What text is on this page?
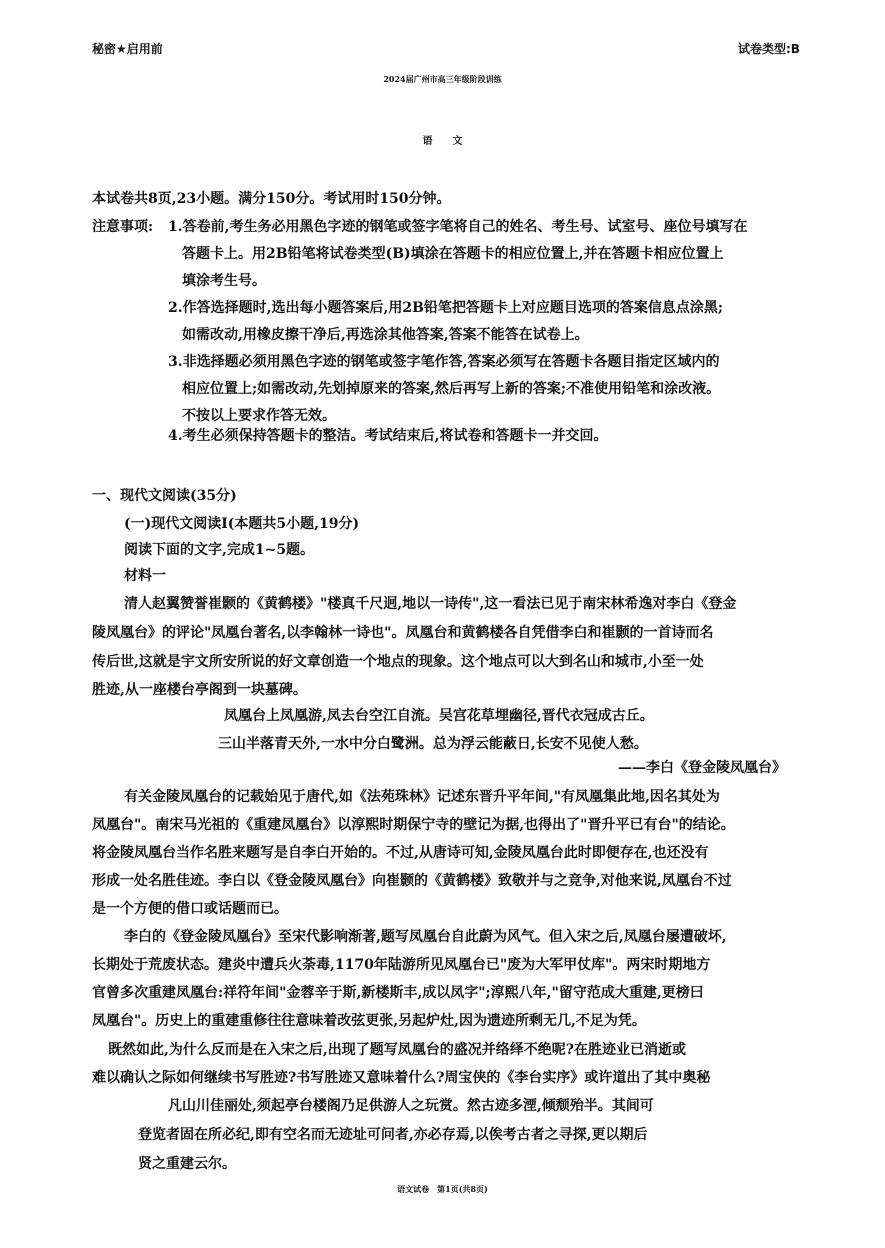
秘密★启用前	试卷类型:B
2024届广州市高三年级阶段训练
语　　文
本试卷共8页,23小题。满分150分。考试用时150分钟。
注意事项: 1.答卷前,考生务必用黑色字迹的钢笔或签字笔将自己的姓名、考生号、试室号、座位号填写在
答题卡上。用2B铅笔将试卷类型(B)填涂在答题卡的相应位置上,并在答题卡相应位置上
填涂考生号。
2.作答选择题时,选出每小题答案后,用2B铅笔把答题卡上对应题目选项的答案信息点涂黑;
如需改动,用橡皮擦干净后,再选涂其他答案,答案不能答在试卷上。
3.非选择题必须用黑色字迹的钢笔或签字笔作答,答案必须写在答题卡各题目指定区域内的
相应位置上;如需改动,先划掉原来的答案,然后再写上新的答案;不准使用铅笔和涂改液。
不按以上要求作答无效。
4.考生必须保持答题卡的整洁。考试结束后,将试卷和答题卡一并交回。
一、现代文阅读(35分)
(一)现代文阅读Ⅰ(本题共5小题,19分)
阅读下面的文字,完成1~5题。
材料一
清人赵翼赞誉崔颢的《黄鹤楼》"楼真千尺迥,地以一诗传",这一看法已见于南宋林希逸对李白《登金
陵凤凰台》的评论"凤凰台著名,以李翰林一诗也"。凤凰台和黄鹤楼各自凭借李白和崔颢的一首诗而名
传后世,这就是宇文所安所说的好文章创造一个地点的现象。这个地点可以大到名山和城市,小至一处
胜迹,从一座楼台亭阁到一块墓碑。
凤凰台上凤凰游,凤去台空江自流。吴宫花草埋幽径,晋代衣冠成古丘。
三山半落青天外,一水中分白鹭洲。总为浮云能蔽日,长安不见使人愁。
——李白《登金陵凤凰台》
有关金陵凤凰台的记载始见于唐代,如《法苑珠林》记述东晋升平年间,"有凤凰集此地,因名其处为
凤凰台"。南宋马光祖的《重建凤凰台》以淳熙时期保宁寺的壁记为据,也得出了"晋升平已有台"的结论。
将金陵凤凰台当作名胜来题写是自李白开始的。不过,从唐诗可知,金陵凤凰台此时即便存在,也还没有
形成一处名胜佳迹。李白以《登金陵凤凰台》向崔颢的《黄鹤楼》致敬并与之竞争,对他来说,凤凰台不过
是一个方便的借口或话题而已。
李白的《登金陵凤凰台》至宋代影响渐著,题写凤凰台自此蔚为风气。但入宋之后,凤凰台屡遭破坏,
长期处于荒废状态。建炎中遭兵火荼毒,1170年陆游所见凤凰台已"废为大军甲仗库"。两宋时期地方
官曾多次重建凤凰台:祥符年间"金蓉辛于斯,新楼斯丰,成以凤字";淳熙八年,"留守范成大重建,更榜曰
凤凰台"。历史上的重建重修往往意味着改弦更张,另起炉灶,因为遗迹所剩无几,不足为凭。
既然如此,为什么反而是在入宋之后,出现了题写凤凰台的盛况并络绎不绝呢?在胜迹业已消逝或
难以确认之际如何继续书写胜迹?书写胜迹又意味着什么?周宝侠的《李台实序》或许道出了其中奥秘
凡山川佳丽处,须起亭台楼阁乃足供游人之玩赏。然古迹多湮,倾颓殆半。其间可
登览者固在所必纪,即有空名而无迹址可问者,亦必存焉,以俟考古者之寻探,更以期后
贤之重建云尔。
语文试卷　第1页(共8页)
